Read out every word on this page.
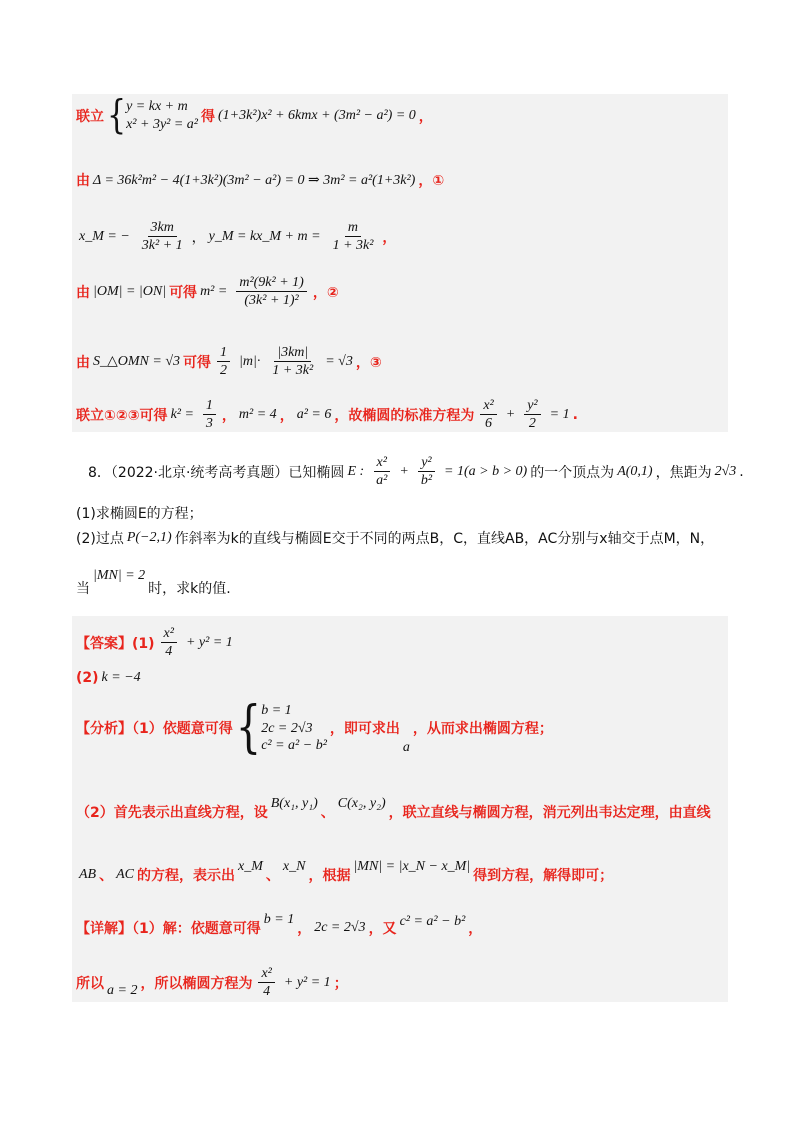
联立 { y = kx + m
x² + 3y² = a² 得 (1+3k²)x² + 6kmx + (3m² − a²) = 0 ，
由 Δ = 36k²m² − 4(1+3k²)(3m² − a²) = 0 ⇒ 3m² = a²(1+3k²) ，①
x_M = − $\frac{3km}{\text{3k² + 1}}$ ， y_M = kx_M + $m = \frac{m}{\text{1 + 3k²}}$ ，
由 |OM| = |ON| 可得 $m^2 = \frac{\text{m²(9k² + 1)}}{\text{(3k² + 1)²}}$ ，②
由 S_△OMN = √3 可得 $\frac{1}{2} |m|\cdot \frac{|3km|}{\text{1 + 3k²}} = √3$ ，③
联立①②③可得 $k^2 = \frac{1}{3}$ ， m² = 4 ， a² = 6 ，故椭圆的标准方程为 $\frac{\text{x²}}{6} + \frac{\text{y²}}{2} = 1$ .
8．（2022·北京·统考高考真题）已知椭圆 E : $\frac{\text{x²}}{\text{a²}} + \frac{\text{y²}}{\text{b²}} = 1(a > b > 0)$ 的一个顶点为 A(0,1) ，焦距为 2√3 .
(1)求椭圆E的方程；
(2)过点 P(−2,1) 作斜率为k的直线与椭圆E交于不同的两点B，C，直线AB，AC分别与x轴交于点M，N，
当
|MN| = 2
时，求k的值.
【答案】$(1) \frac{\text{x²}}{4} + y^2 = 1$
(2) k = −4
【分析】（1）依题意可得 { b = 1
2c = 2√3
c² = a² − b²
，即可求出
a
，从而求出椭圆方程；
（2）首先表示出直线方程，设
B(x₁, y₁)
、
C(x₂, y₂)
，联立直线与椭圆方程，消元列出韦达定理，由直线
AB 、 AC 的方程，表示出
x_M
、
x_N
，根据
|MN| = |x_N − x_M|
得到方程，解得即可；
【详解】（1）解：依题意可得
b = 1
， 2c = 2√3 ，又 c² = a² − b² ，
所以 a = 2 ，所以椭圆方程为 $\frac{\text{x²}}{4} + y^2 = 1$ ；
